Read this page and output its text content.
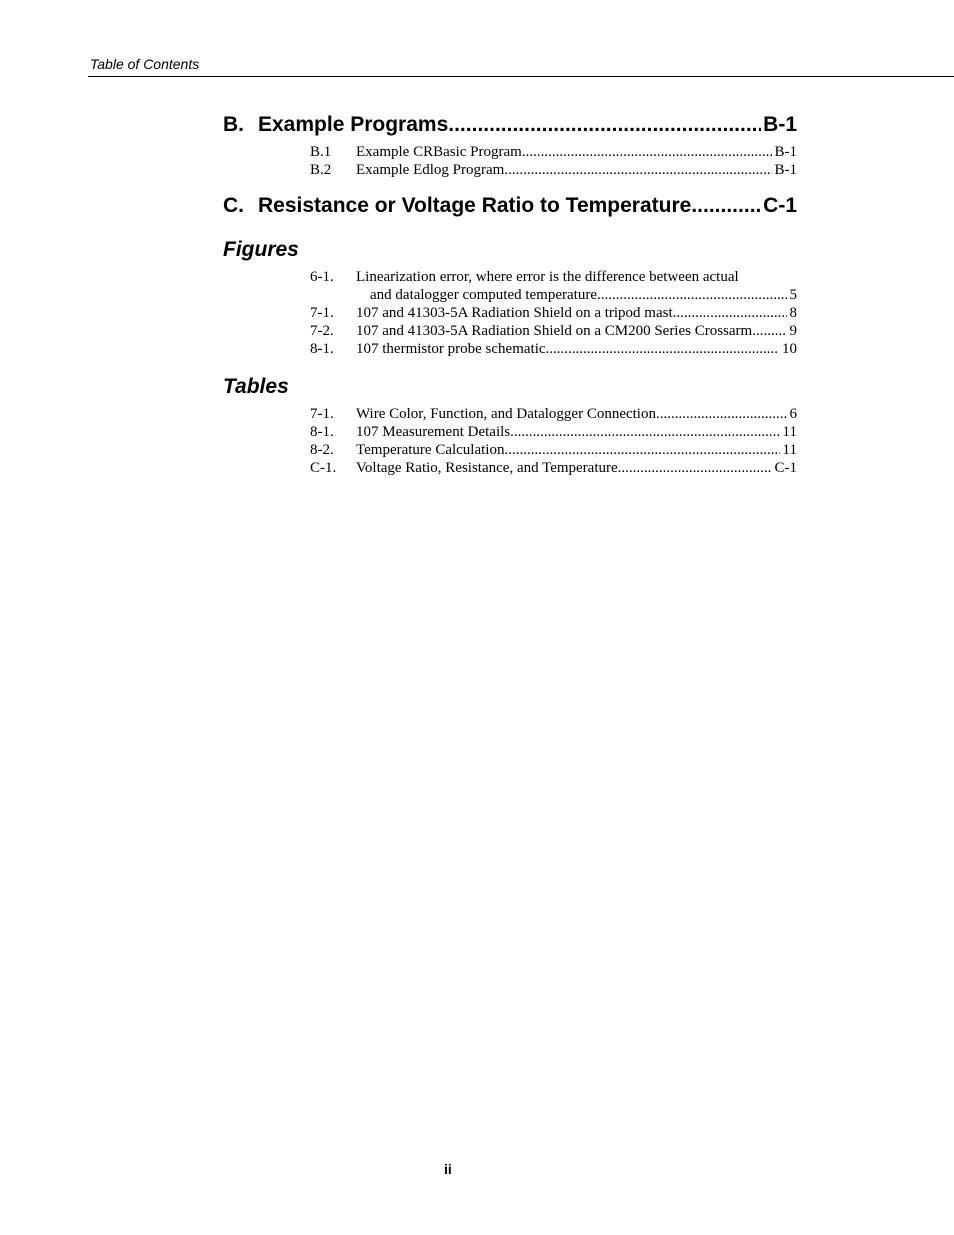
Table of Contents
B. Example Programs .....	B-1
B.1	Example CRBasic Program .....	B-1
B.2	Example Edlog Program .....	B-1
C. Resistance or Voltage Ratio to Temperature .....	C-1
Figures
6-1.	Linearization error, where error is the difference between actual
and datalogger computed temperature. .....	5
7-1.	107 and 41303-5A Radiation Shield on a tripod mast .....	8
7-2.	107 and 41303-5A Radiation Shield on a CM200 Series Crossarm ..... 9
8-1.	107 thermistor probe schematic .....	10
Tables
7-1.	Wire Color, Function, and Datalogger Connection .....	6
8-1.	107 Measurement Details .....	11
8-2.	Temperature Calculation .....	11
C-1.	Voltage Ratio, Resistance, and Temperature .....	C-1
ii
